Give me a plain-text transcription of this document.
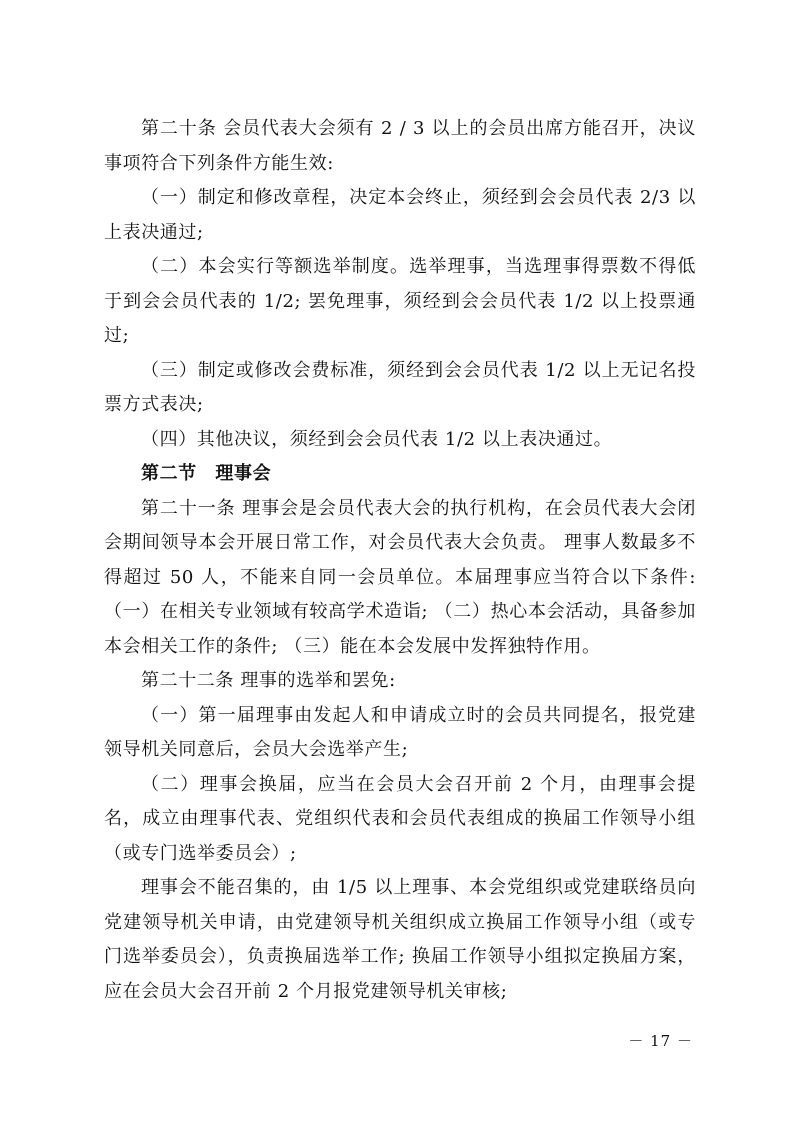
第二十条 会员代表大会须有 2 / 3 以上的会员出席方能召开，决议事项符合下列条件方能生效:

（一）制定和修改章程，决定本会终止，须经到会会员代表 2/3 以上表决通过;

（二）本会实行等额选举制度。选举理事，当选理事得票数不得低于到会会员代表的 1/2; 罢免理事，须经到会会员代表 1/2 以上投票通过;

（三）制定或修改会费标准，须经到会会员代表 1/2 以上无记名投票方式表决;

（四）其他决议，须经到会会员代表 1/2 以上表决通过。

第二节　理事会

第二十一条 理事会是会员代表大会的执行机构，在会员代表大会闭会期间领导本会开展日常工作，对会员代表大会负责。 理事人数最多不得超过 50 人，不能来自同一会员单位。本届理事应当符合以下条件:（一）在相关专业领域有较高学术造诣; （二）热心本会活动，具备参加本会相关工作的条件; （三）能在本会发展中发挥独特作用。

第二十二条 理事的选举和罢免:

（一）第一届理事由发起人和申请成立时的会员共同提名，报党建领导机关同意后，会员大会选举产生;

（二）理事会换届，应当在会员大会召开前 2 个月，由理事会提名，成立由理事代表、党组织代表和会员代表组成的换届工作领导小组（或专门选举委员会）;

理事会不能召集的，由 1/5 以上理事、本会党组织或党建联络员向党建领导机关申请，由党建领导机关组织成立换届工作领导小组（或专门选举委员会），负责换届选举工作; 换届工作领导小组拟定换届方案，应在会员大会召开前 2 个月报党建领导机关审核;

－ 17 －
